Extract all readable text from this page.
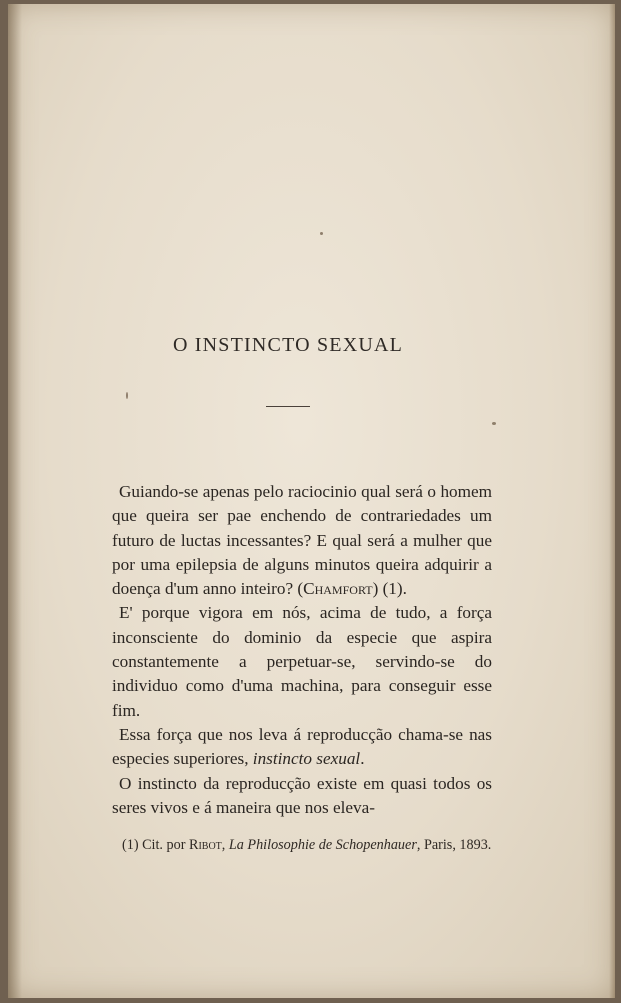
O INSTINCTO SEXUAL

Guiando-se apenas pelo raciocinio qual será o homem que queira ser pae enchendo de contrariedades um futuro de luctas incessantes? E qual será a mulher que por uma epilepsia de alguns minutos queira adquirir a doença d'um anno inteiro? (Chamfort) (1).

E' porque vigora em nós, acima de tudo, a força inconsciente do dominio da especie que aspira constantemente a perpetuar-se, servindo-se do individuo como d'uma machina, para conseguir esse fim.

Essa força que nos leva á reproducção chama-se nas especies superiores, instincto sexual.

O instincto da reproducção existe em quasi todos os seres vivos e á maneira que nos eleva-

(1) Cit. por Ribot, La Philosophie de Schopenhauer, Paris, 1893.
